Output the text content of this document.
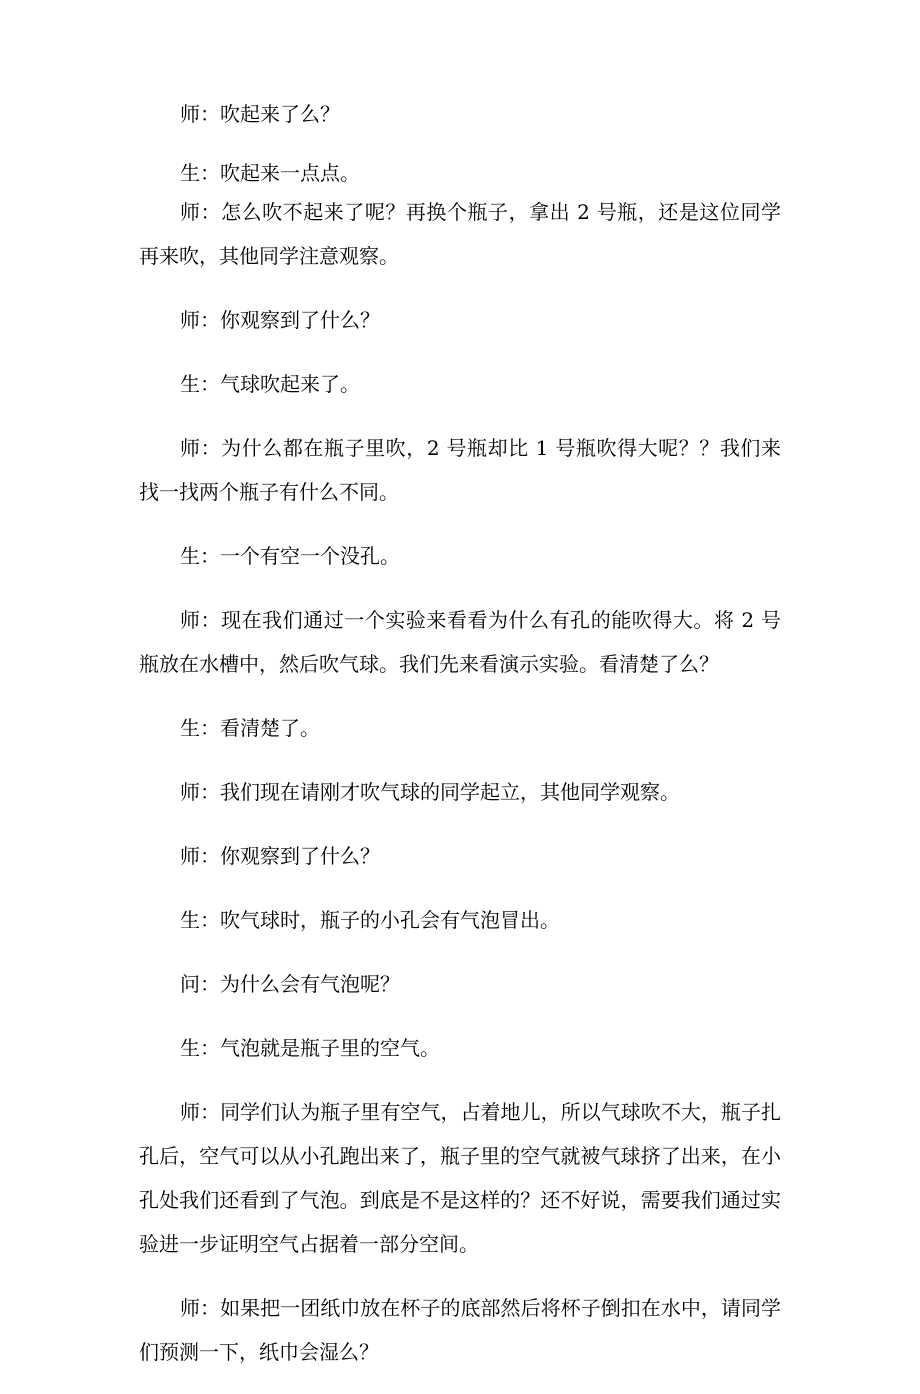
师：吹起来了么？

生：吹起来一点点。

师：怎么吹不起来了呢？再换个瓶子，拿出 2 号瓶，还是这位同学再来吹，其他同学注意观察。

师：你观察到了什么？

生：气球吹起来了。

师：为什么都在瓶子里吹，2 号瓶却比 1 号瓶吹得大呢？？我们来找一找两个瓶子有什么不同。

生：一个有空一个没孔。

师：现在我们通过一个实验来看看为什么有孔的能吹得大。将 2 号瓶放在水槽中，然后吹气球。我们先来看演示实验。看清楚了么？

生：看清楚了。

师：我们现在请刚才吹气球的同学起立，其他同学观察。

师：你观察到了什么？

生：吹气球时，瓶子的小孔会有气泡冒出。

问：为什么会有气泡呢？

生：气泡就是瓶子里的空气。

师：同学们认为瓶子里有空气，占着地儿，所以气球吹不大，瓶子扎孔后，空气可以从小孔跑出来了，瓶子里的空气就被气球挤了出来，在小孔处我们还看到了气泡。到底是不是这样的？还不好说，需要我们通过实验进一步证明空气占据着一部分空间。

师：如果把一团纸巾放在杯子的底部然后将杯子倒扣在水中，请同学们预测一下，纸巾会湿么？
